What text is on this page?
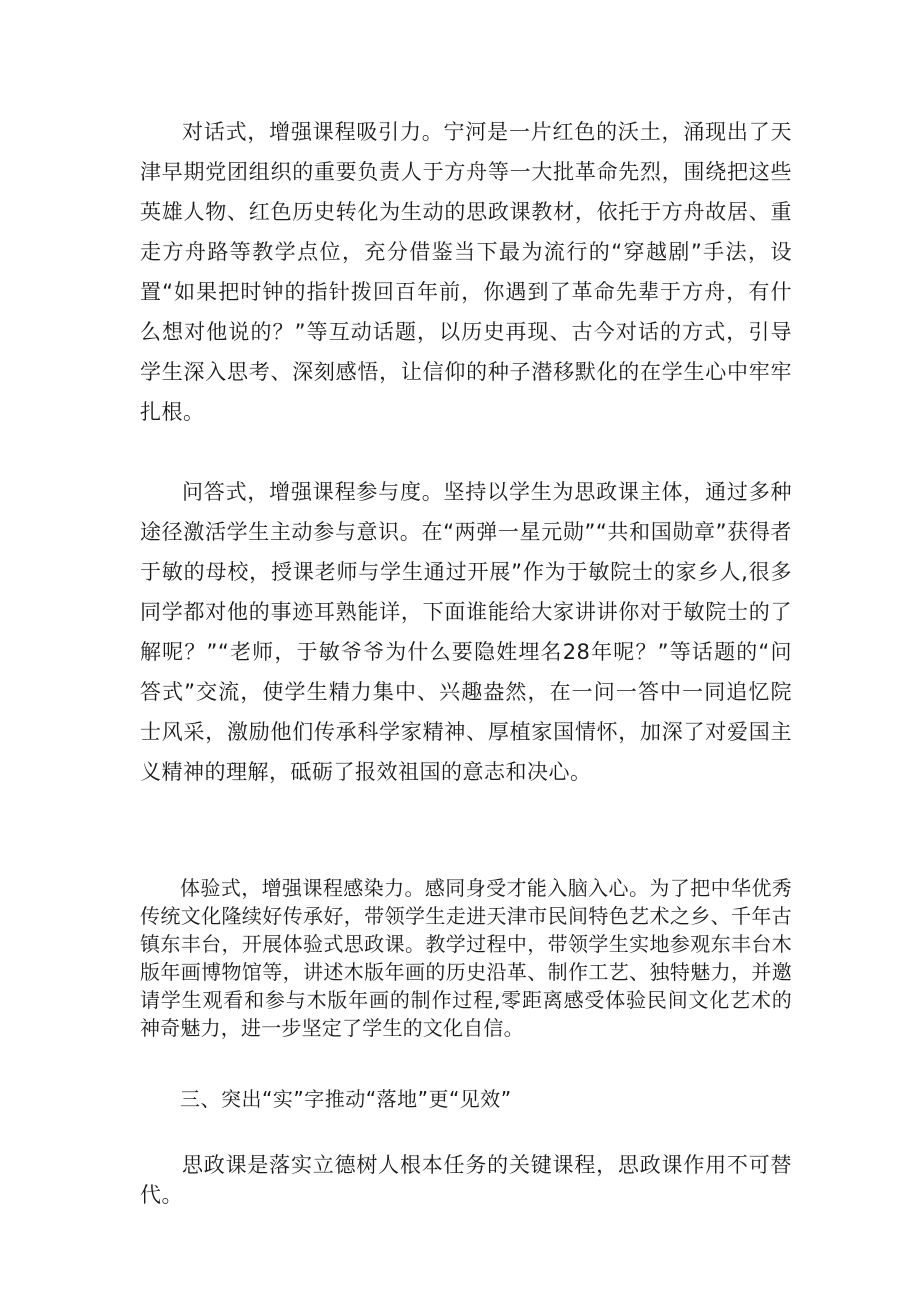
对话式，增强课程吸引力。宁河是一片红色的沃土，涌现出了天津早期党团组织的重要负责人于方舟等一大批革命先烈，围绕把这些英雄人物、红色历史转化为生动的思政课教材，依托于方舟故居、重走方舟路等教学点位，充分借鉴当下最为流行的“穿越剧”手法，设置“如果把时钟的指针拨回百年前，你遇到了革命先辈于方舟，有什么想对他说的？”等互动话题，以历史再现、古今对话的方式，引导学生深入思考、深刻感悟，让信仰的种子潜移默化的在学生心中牢牢扎根。

问答式，增强课程参与度。坚持以学生为思政课主体，通过多种途径激活学生主动参与意识。在“两弹一星元勋”“共和国勋章”获得者于敏的母校，授课老师与学生通过开展”作为于敏院士的家乡人,很多同学都对他的事迹耳熟能详，下面谁能给大家讲讲你对于敏院士的了解呢？”“老师，于敏爷爷为什么要隐姓埋名28年呢？”等话题的“问答式”交流，使学生精力集中、兴趣盎然，在一问一答中一同追忆院士风采，激励他们传承科学家精神、厚植家国情怀，加深了对爱国主义精神的理解，砥砺了报效祖国的意志和决心。

体验式，增强课程感染力。感同身受才能入脑入心。为了把中华优秀传统文化隆续好传承好，带领学生走进天津市民间特色艺术之乡、千年古镇东丰台，开展体验式思政课。教学过程中，带领学生实地参观东丰台木版年画博物馆等，讲述木版年画的历史沿革、制作工艺、独特魅力，并邀请学生观看和参与木版年画的制作过程,零距离感受体验民间文化艺术的神奇魅力，进一步坚定了学生的文化自信。

三、突出“实”字推动“落地”更“见效”

思政课是落实立德树人根本任务的关键课程，思政课作用不可替代。
